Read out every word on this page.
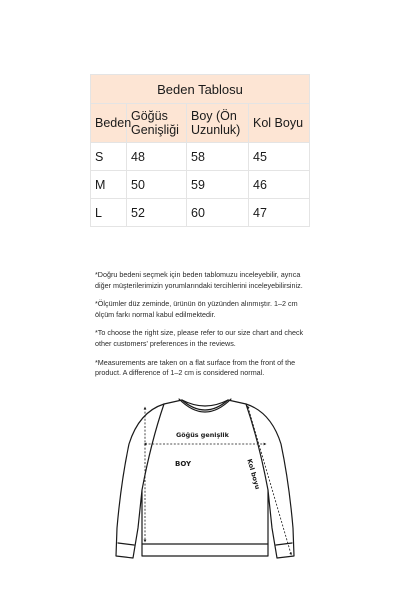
Beden Tablosu			
Beden	Göğüs Genişliği	Boy (Ön Uzunluk)	Kol Boyu
S	48	58	45
M	50	59	46
L	52	60	47

*Doğru bedeni seçmek için beden tablomuzu inceleyebilir, ayrıca diğer müşterilerimizin yorumlarındaki tercihlerini inceleyebilirsiniz.

*Ölçümler düz zeminde, ürünün ön yüzünden alınmıştır. 1–2 cm ölçüm farkı normal kabul edilmektedir.

*To choose the right size, please refer to our size chart and check other customers' preferences in the reviews.

*Measurements are taken on a flat surface from the front of the product. A difference of 1–2 cm is considered normal.

Göğüs genişlik
BOY	Kol boyu
